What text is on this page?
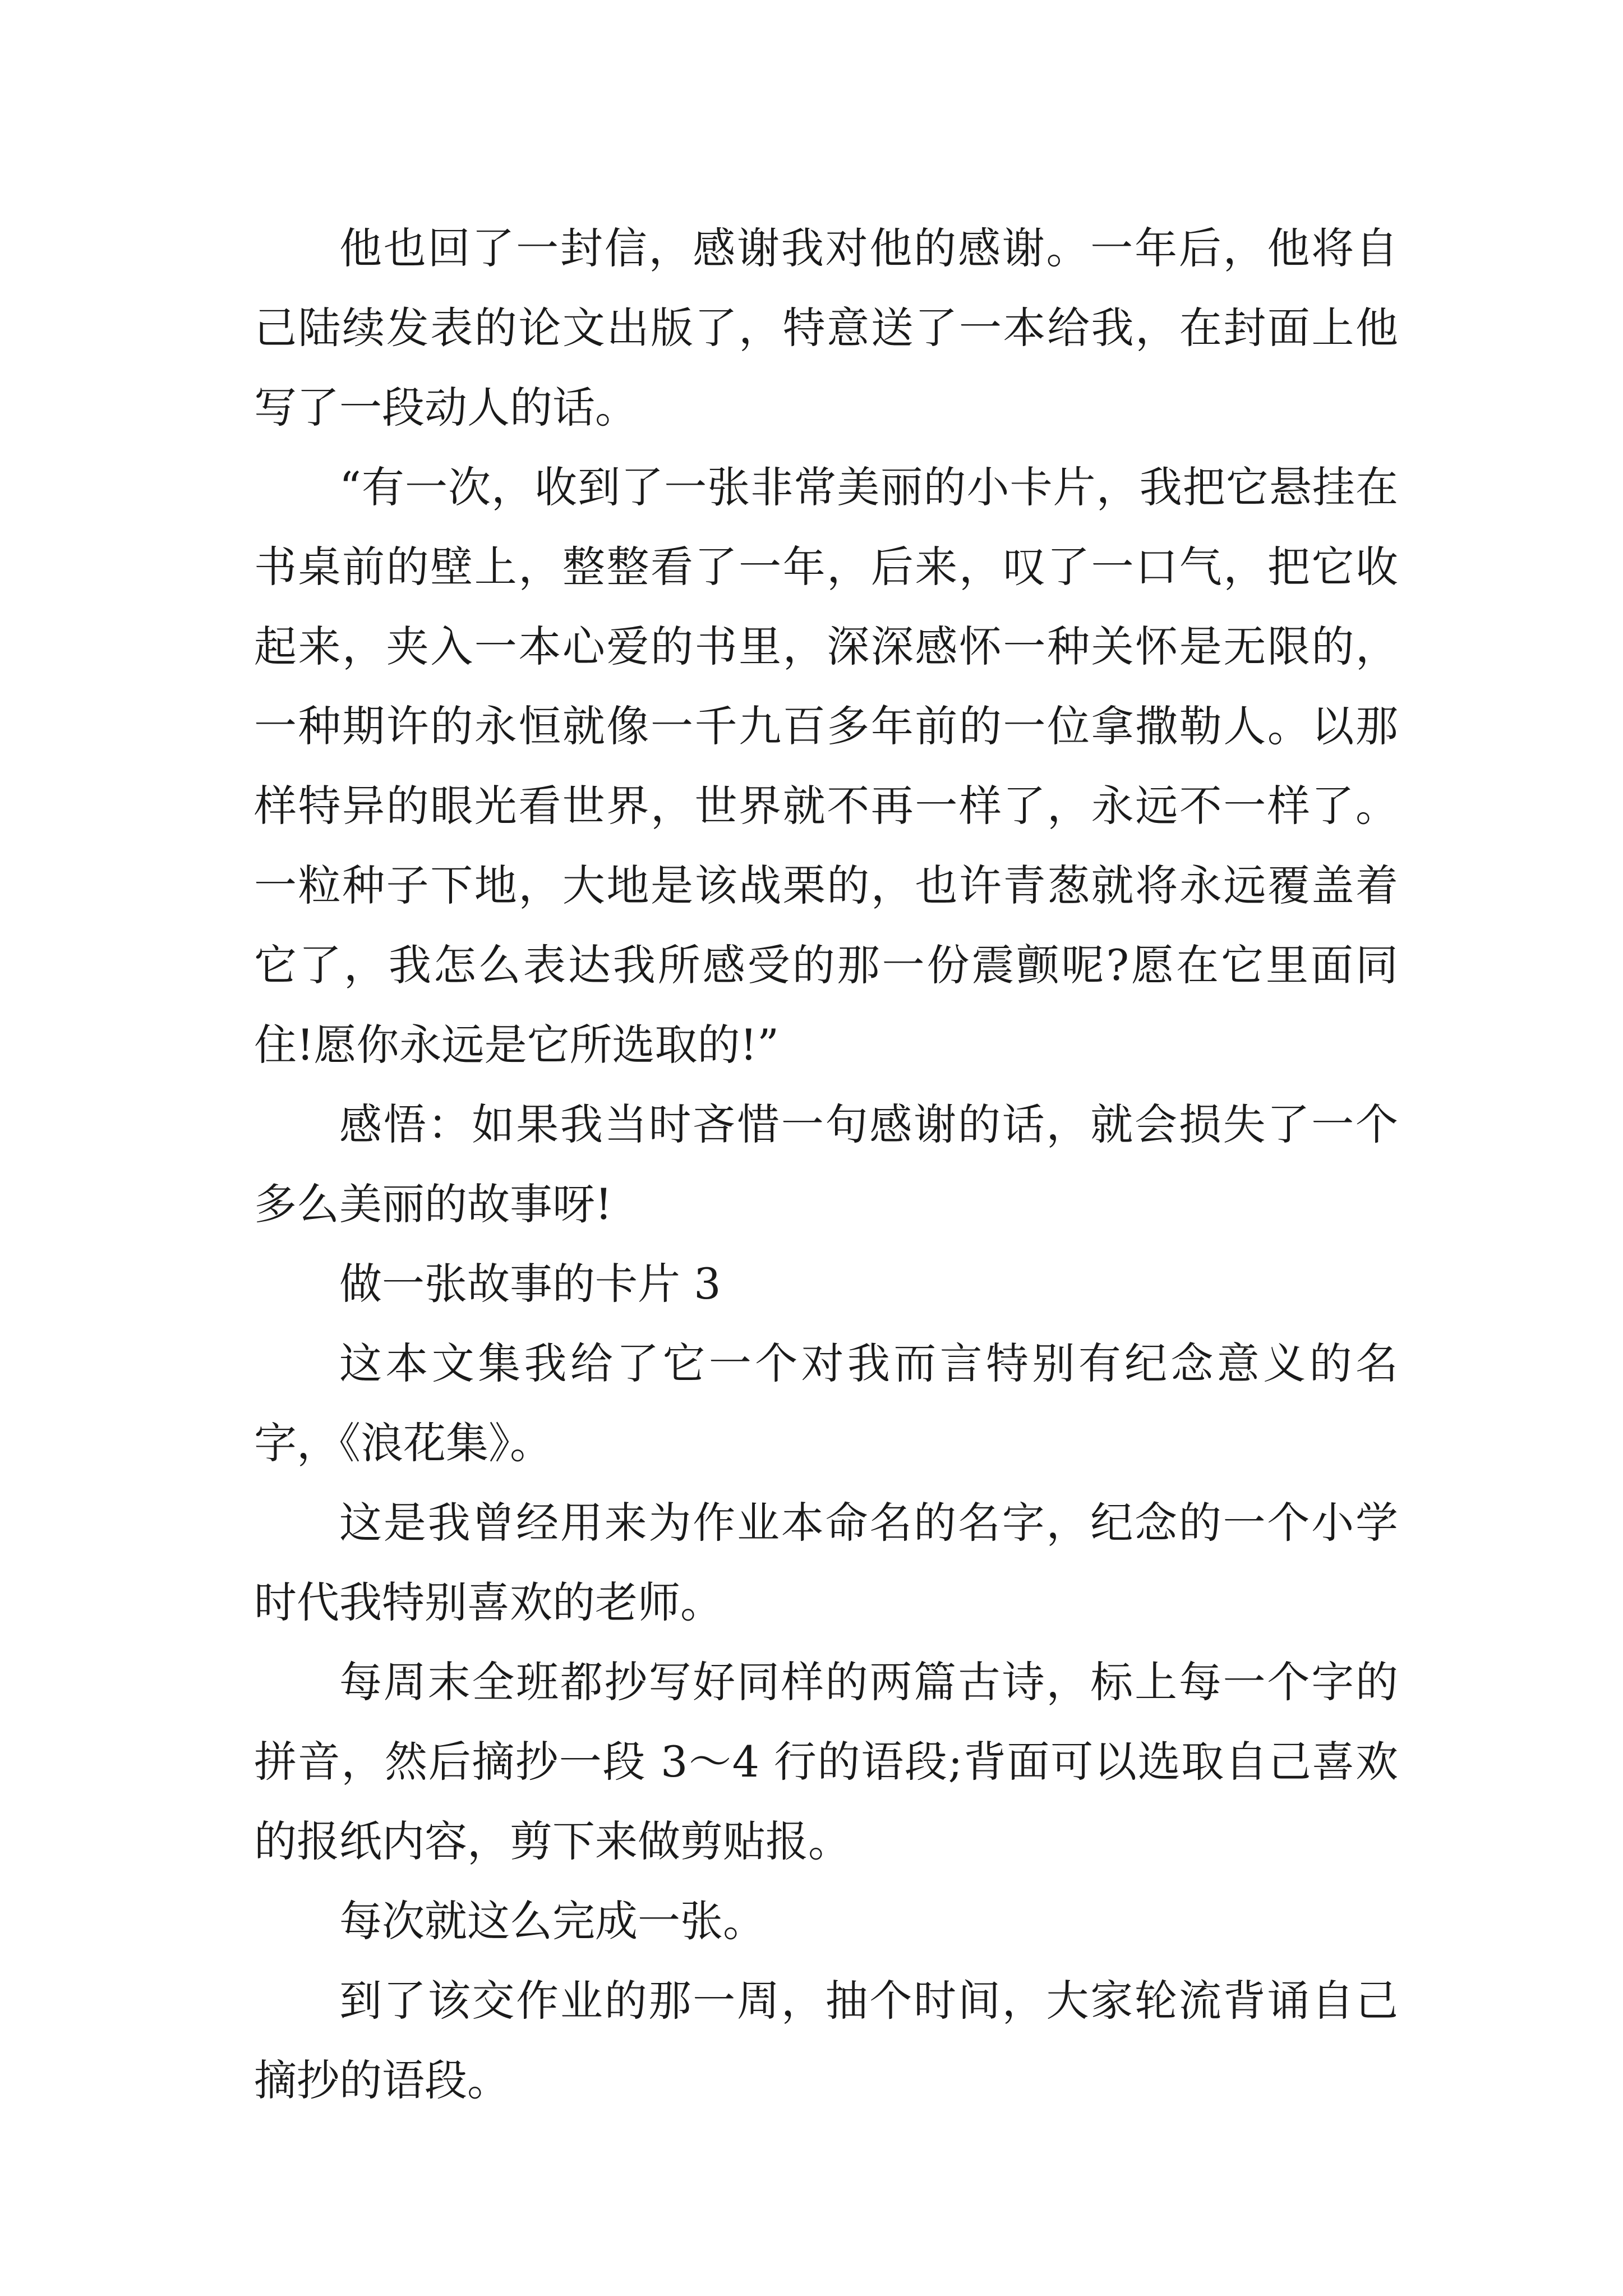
他也回了一封信，感谢我对他的感谢。一年后，他将自己陆续发表的论文出版了，特意送了一本给我，在封面上他写了一段动人的话。

“有一次，收到了一张非常美丽的小卡片，我把它悬挂在书桌前的壁上，整整看了一年，后来，叹了一口气，把它收起来，夹入一本心爱的书里，深深感怀一种关怀是无限的，一种期许的永恒就像一千九百多年前的一位拿撒勒人。以那样特异的眼光看世界，世界就不再一样了，永远不一样了。一粒种子下地，大地是该战栗的，也许青葱就将永远覆盖着它了，我怎么表达我所感受的那一份震颤呢?愿在它里面同住!愿你永远是它所选取的!”

感悟：如果我当时吝惜一句感谢的话，就会损失了一个多么美丽的故事呀!

做一张故事的卡片 3

这本文集我给了它一个对我而言特别有纪念意义的名字，《浪花集》。

这是我曾经用来为作业本命名的名字，纪念的一个小学时代我特别喜欢的老师。

每周末全班都抄写好同样的两篇古诗，标上每一个字的拼音，然后摘抄一段 3～4 行的语段;背面可以选取自己喜欢的报纸内容，剪下来做剪贴报。

每次就这么完成一张。

到了该交作业的那一周，抽个时间，大家轮流背诵自己摘抄的语段。
